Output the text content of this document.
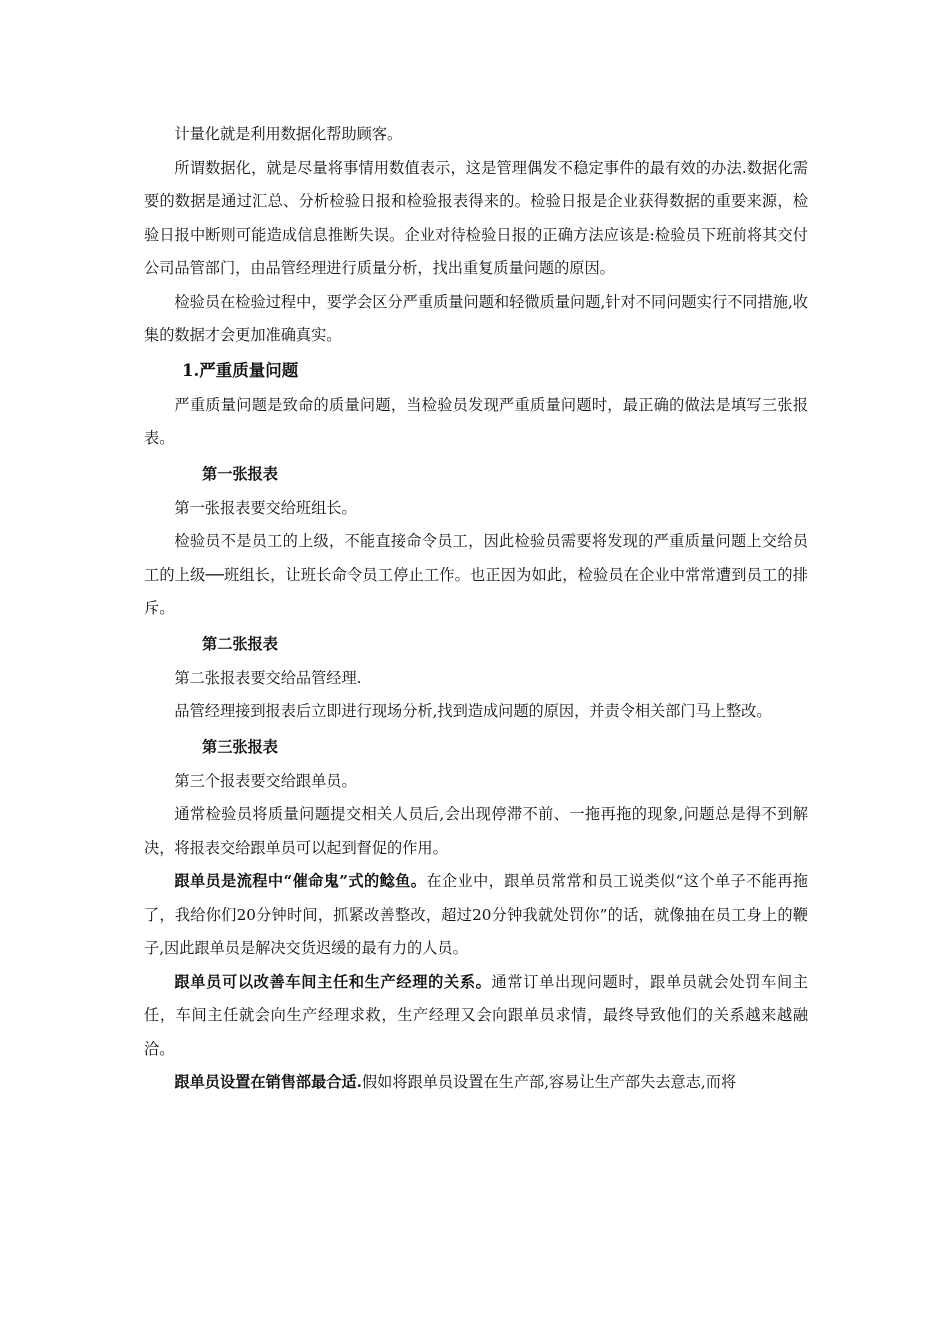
计量化就是利用数据化帮助顾客。

所谓数据化，就是尽量将事情用数值表示，这是管理偶发不稳定事件的最有效的办法.数据化需要的数据是通过汇总、分析检验日报和检验报表得来的。检验日报是企业获得数据的重要来源，检验日报中断则可能造成信息推断失误。企业对待检验日报的正确方法应该是:检验员下班前将其交付公司品管部门，由品管经理进行质量分析，找出重复质量问题的原因。

检验员在检验过程中，要学会区分严重质量问题和轻微质量问题,针对不同问题实行不同措施,收集的数据才会更加准确真实。

1.严重质量问题

严重质量问题是致命的质量问题，当检验员发现严重质量问题时，最正确的做法是填写三张报表。

第一张报表

第一张报表要交给班组长。

检验员不是员工的上级，不能直接命令员工，因此检验员需要将发现的严重质量问题上交给员工的上级──班组长，让班长命令员工停止工作。也正因为如此，检验员在企业中常常遭到员工的排斥。

第二张报表

第二张报表要交给品管经理.

品管经理接到报表后立即进行现场分析,找到造成问题的原因，并责令相关部门马上整改。

第三张报表

第三个报表要交给跟单员。

通常检验员将质量问题提交相关人员后,会出现停滞不前、一拖再拖的现象,问题总是得不到解决，将报表交给跟单员可以起到督促的作用。

跟单员是流程中“催命鬼”式的鲶鱼。在企业中，跟单员常常和员工说类似“这个单子不能再拖了，我给你们20分钟时间，抓紧改善整改，超过20分钟我就处罚你”的话，就像抽在员工身上的鞭子,因此跟单员是解决交货迟缓的最有力的人员。

跟单员可以改善车间主任和生产经理的关系。通常订单出现问题时，跟单员就会处罚车间主任，车间主任就会向生产经理求救，生产经理又会向跟单员求情，最终导致他们的关系越来越融洽。

跟单员设置在销售部最合适.假如将跟单员设置在生产部,容易让生产部失去意志,而将
